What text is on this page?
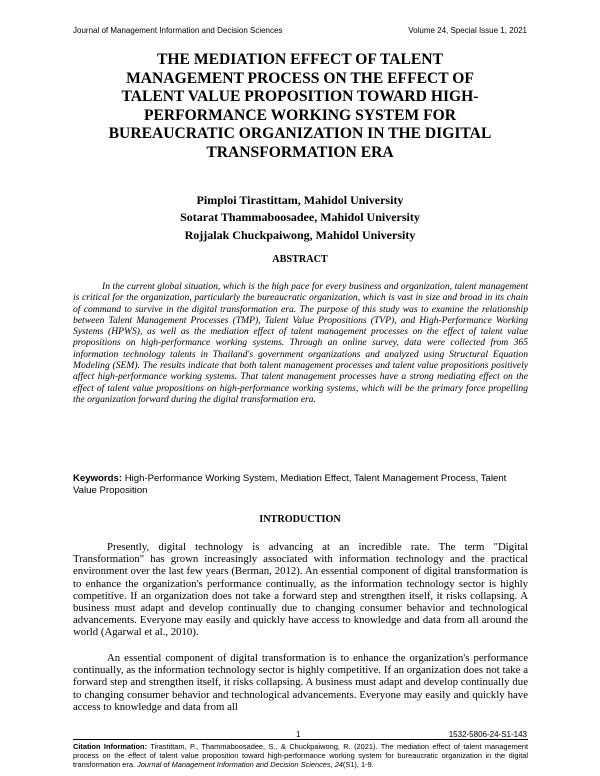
Journal of Management Information and Decision Sciences	Volume 24, Special Issue 1, 2021
THE MEDIATION EFFECT OF TALENT
MANAGEMENT PROCESS ON THE EFFECT OF
TALENT VALUE PROPOSITION TOWARD HIGH-
PERFORMANCE WORKING SYSTEM FOR
BUREAUCRATIC ORGANIZATION IN THE DIGITAL
TRANSFORMATION ERA
Pimploi Tirastittam, Mahidol University
Sotarat Thammaboosadee, Mahidol University
Rojjalak Chuckpaiwong, Mahidol University
ABSTRACT

In the current global situation, which is the high pace for every business and organization, talent management is critical for the organization, particularly the bureaucratic organization, which is vast in size and broad in its chain of command to survive in the digital transformation era. The purpose of this study was to examine the relationship between Talent Management Processes (TMP), Talent Value Propositions (TVP), and High-Performance Working Systems (HPWS), as well as the mediation effect of talent management processes on the effect of talent value propositions on high-performance working systems. Through an online survey, data were collected from 365 information technology talents in Thailand's government organizations and analyzed using Structural Equation Modeling (SEM). The results indicate that both talent management processes and talent value propositions positively affect high-performance working systems. That talent management processes have a strong mediating effect on the effect of talent value propositions on high-performance working systems, which will be the primary force propelling the organization forward during the digital transformation era.

Keywords: High-Performance Working System, Mediation Effect, Talent Management Process, Talent Value Proposition

INTRODUCTION

Presently, digital technology is advancing at an incredible rate. The term "Digital Transformation" has grown increasingly associated with information technology and the practical environment over the last few years (Berman, 2012). An essential component of digital transformation is to enhance the organization's performance continually, as the information technology sector is highly competitive. If an organization does not take a forward step and strengthen itself, it risks collapsing. A business must adapt and develop continually due to changing consumer behavior and technological advancements. Everyone may easily and quickly have access to knowledge and data from all around the world (Agarwal et al., 2010).

An essential component of digital transformation is to enhance the organization's performance continually, as the information technology sector is highly competitive. If an organization does not take a forward step and strengthen itself, it risks collapsing. A business must adapt and develop continually due to changing consumer behavior and technological advancements. Everyone may easily and quickly have access to knowledge and data from all

1	1532-5806-24-S1-143

Citation Information: Tirastittam, P., Thammaboosadee, S., & Chuckpaiwong, R. (2021). The mediation effect of talent management process on the effect of talent value proposition toward high-performance working system for bureaucratic organization in the digital transformation era. Journal of Management Information and Decision Sciences, 24(S1), 1-9.
